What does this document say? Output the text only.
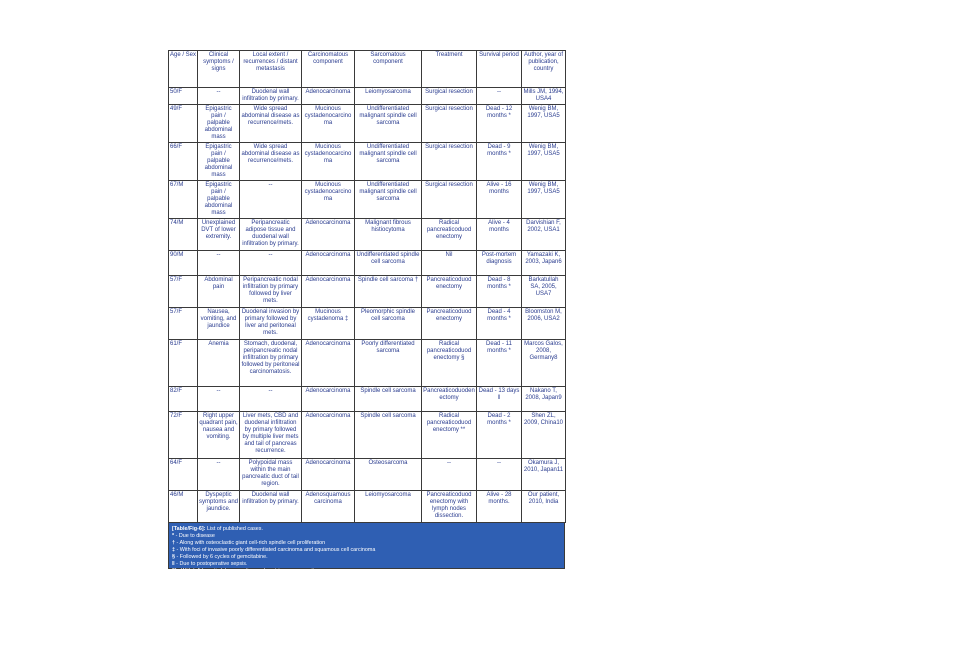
Age / Sex	Clinical symptoms / signs	Local extent / recurrences / distant metastasis	Carcinomatous component	Sarcomatous component	Treatment	Survival period	Author, year of publication, country
50/F	--	Duodenal wall infiltration by primary.	Adenocarcinoma	Leiomyosarcoma	Surgical resection	--	Mills JM, 1994, USA4
49/F	Epigastric pain / palpable abdominal mass	Wide spread abdominal disease as recurrence/mets.	Mucinous cystadenocarcinoma	Undifferentiated malignant spindle cell sarcoma	Surgical resection	Dead - 12 months *	Wenig BM, 1997, USA5
66/F	Epigastric pain / palpable abdominal mass	Wide spread abdominal disease as recurrence/mets.	Mucinous cystadenocarcinoma	Undifferentiated malignant spindle cell sarcoma	Surgical resection	Dead - 9 months *	Wenig BM, 1997, USA5
67/M	Epigastric pain / palpable abdominal mass	--	Mucinous cystadenocarcinoma	Undifferentiated malignant spindle cell sarcoma	Surgical resection	Alive - 16 months	Wenig BM, 1997, USA5
74/M	Unexplained DVT of lower extremity.	Peripancreatic adipose tissue and duodenal wall infiltration by primary.	Adenocarcinoma	Malignant fibrous histiocytoma	Radical pancreaticoduod enectomy	Alive - 4 months	Darvishian F, 2002, USA1
90/M	--	--	Adenocarcinoma	Undifferentiated spindle cell sarcoma	Nil	Post-mortem diagnosis	Yamazaki K, 2003, Japan6
57/F	Abdominal pain	Peripancreatic nodal infiltration by primary followed by liver mets.	Adenocarcinoma	Spindle cell sarcoma †	Pancreaticoduod enectomy	Dead - 8 months *	Barkatullah SA, 2005, USA7
57/F	Nausea, vomiting, and jaundice	Duodenal invasion by primary followed by liver and peritoneal mets.	Mucinous cystadenoma ‡	Pleomorphic spindle cell sarcoma	Pancreaticoduod enectomy	Dead - 4 months *	Bloomston M, 2006, USA2
61/F	Anemia	Stomach, duodenal, peripancreatic nodal infiltration by primary followed by peritoneal carcinomatosis.	Adenocarcinoma	Poorly differentiated sarcoma	Radical pancreaticoduod enectomy §	Dead - 11 months *	Marcos Galos, 2008, Germany8
82/F	--	--	Adenocarcinoma	Spindle cell sarcoma	Pancreaticoduoden ectomy	Dead - 13 days ‖	Nakano T, 2008, Japan9
72/F	Right upper quadrant pain, nausea and vomiting.	Liver mets, CBD and duodenal infiltration by primary followed by multiple liver mets and tail of pancreas recurrence.	Adenocarcinoma	Spindle cell sarcoma	Radical pancreaticoduod enectomy **	Dead - 2 months *	Shen ZL, 2009, China10
64/F	--	Polypoidal mass within the main pancreatic duct of tail region.	Adenocarcinoma	Osteosarcoma	--	--	Okamura J, 2010, Japan11
46/M	Dyspeptic symptoms and jaundice.	Duodenal wall infiltration by primary.	Adenosquamous carcinoma	Leiomyosarcoma	Pancreaticoduod enectomy with lymph nodes dissection.	Alive - 28 months.	Our patient, 2010, India
[Table/Fig-6]: List of published cases.
* - Due to disease
† - Along with osteoclastic giant cell-rich spindle cell proliferation
‡ - With foci of invasive poorly differentiated carcinoma and squamous cell carcinoma
§ - Followed by 6 cycles of gemcitabine.
‖ - Due to postoperative sepsis.
** - With left hepatic lobe resection and gastric mass resection.
